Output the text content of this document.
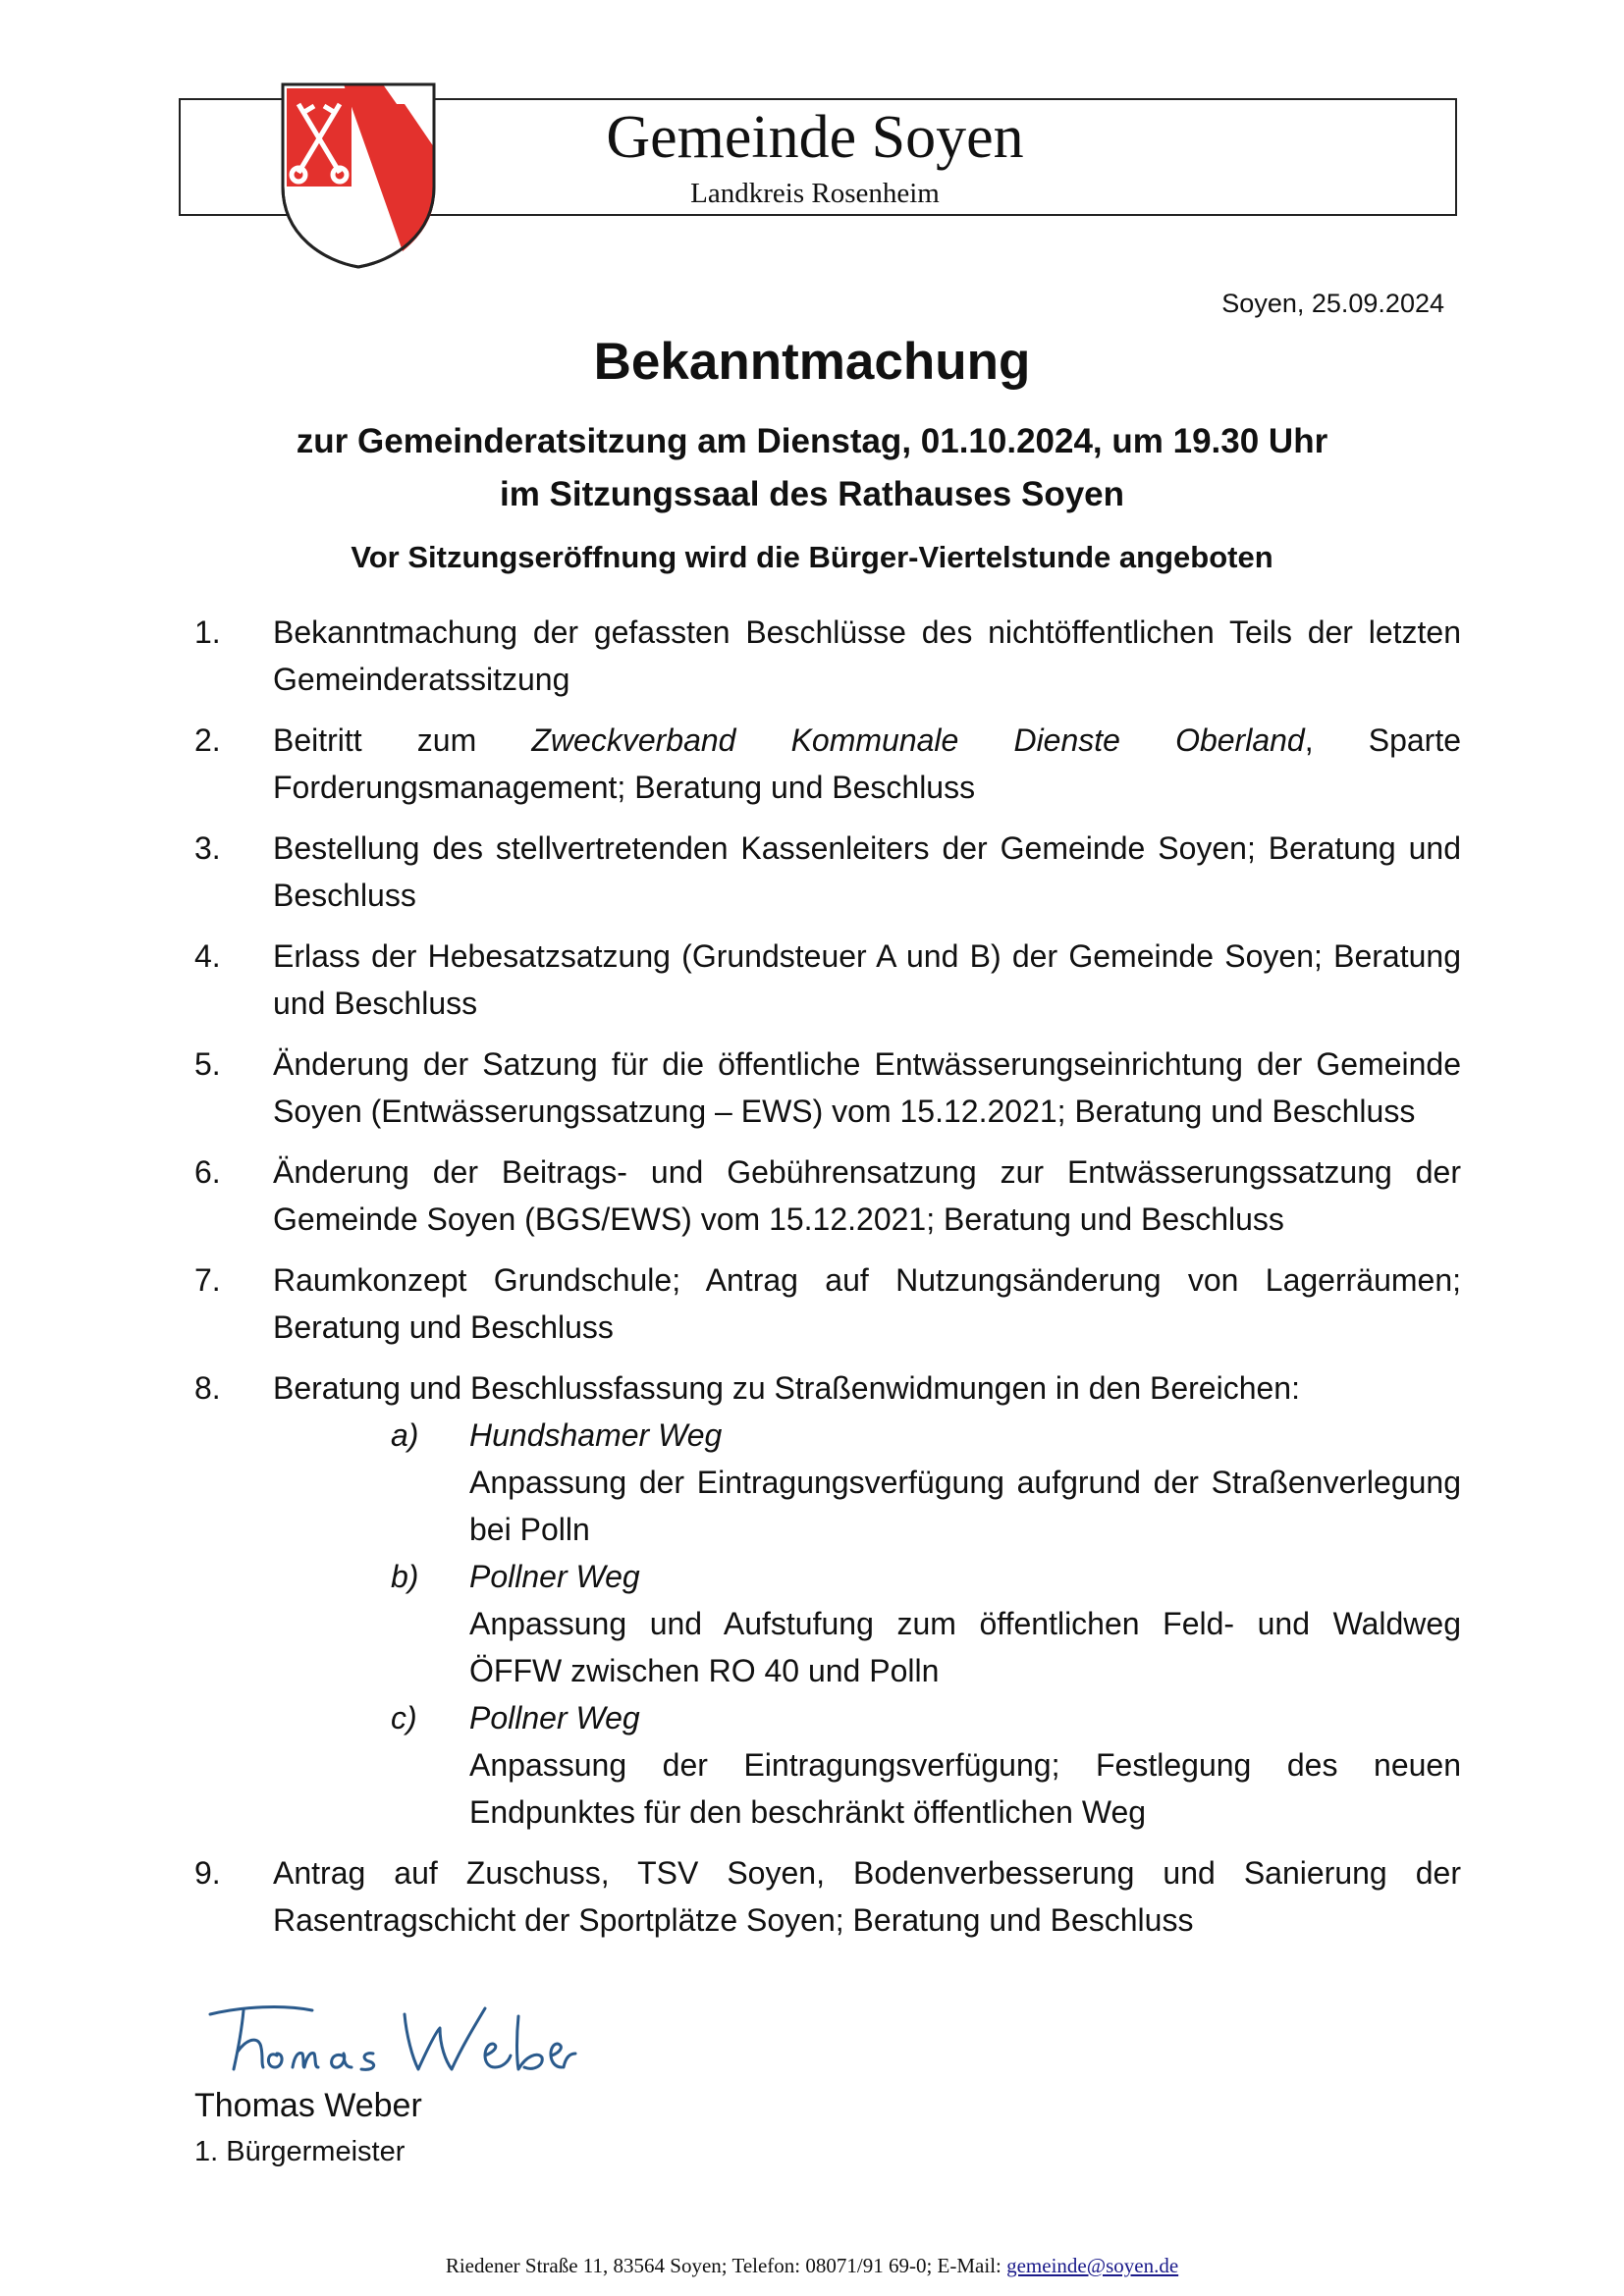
Gemeinde Soyen
Landkreis Rosenheim
Soyen, 25.09.2024
Bekanntmachung
zur Gemeinderatsitzung am Dienstag, 01.10.2024, um 19.30 Uhr
im Sitzungssaal des Rathauses Soyen
Vor Sitzungseröffnung wird die Bürger-Viertelstunde angeboten
1.	Bekanntmachung der gefassten Beschlüsse des nichtöffentlichen Teils der letzten Gemeinderatssitzung
2.	Beitritt zum Zweckverband Kommunale Dienste Oberland, Sparte Forderungsmanagement; Beratung und Beschluss
3.	Bestellung des stellvertretenden Kassenleiters der Gemeinde Soyen; Beratung und Beschluss
4.	Erlass der Hebesatzsatzung (Grundsteuer A und B) der Gemeinde Soyen; Beratung und Beschluss
5.	Änderung der Satzung für die öffentliche Entwässerungseinrichtung der Gemeinde Soyen (Entwässerungssatzung – EWS) vom 15.12.2021; Beratung und Beschluss
6.	Änderung der Beitrags- und Gebührensatzung zur Entwässerungssatzung der Gemeinde Soyen (BGS/EWS) vom 15.12.2021; Beratung und Beschluss
7.	Raumkonzept Grundschule; Antrag auf Nutzungsänderung von Lagerräumen; Beratung und Beschluss
8.	Beratung und Beschlussfassung zu Straßenwidmungen in den Bereichen:
a)	Hundshamer Weg
Anpassung der Eintragungsverfügung aufgrund der Straßenverlegung bei Polln
b)	Pollner Weg
Anpassung und Aufstufung zum öffentlichen Feld- und Waldweg ÖFFW zwischen RO 40 und Polln
c)	Pollner Weg
Anpassung der Eintragungsverfügung; Festlegung des neuen Endpunktes für den beschränkt öffentlichen Weg
9.	Antrag auf Zuschuss, TSV Soyen, Bodenverbesserung und Sanierung der Rasentragschicht der Sportplätze Soyen; Beratung und Beschluss
Thomas Weber
1. Bürgermeister
Riedener Straße 11, 83564 Soyen; Telefon: 08071/91 69-0; E-Mail: gemeinde@soyen.de
